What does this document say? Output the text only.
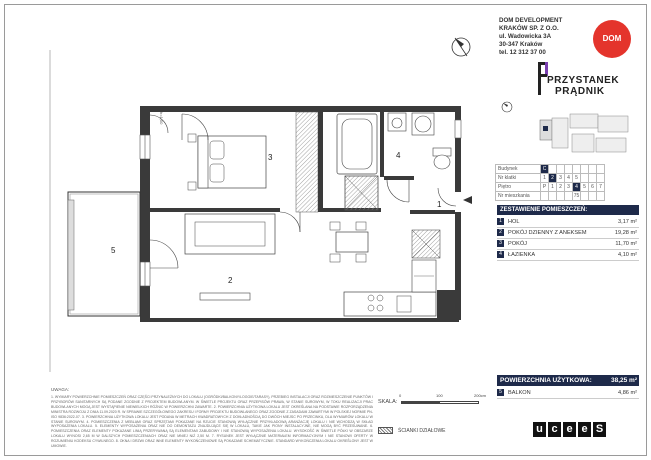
3	4
1
2
5
h=1,00
DOM DEVELOPMENT
KRAKÓW SP. Z O.O.
ul. Wadowicka 3A
30-347 Kraków
tel. 12 312 37 00
DOM
PRZYSTANEK
PRĄDNIK
Budynek	C							
Nr klatki	1	2	3	4	5			
Piętro	P	1	2	3	4	5	6	7
Nr mieszkania					75			
ZESTAWIENIE POMIESZCZEŃ:
1	HOL	3,17 m²
2	POKÓJ DZIENNY Z ANEKSEM	19,28 m²
3	POKÓJ	11,70 m²
4	ŁAZIENKA	4,10 m²
POWIERZCHNIA UŻYTKOWA:	38,25 m²
5	BALKON	4,86 m²
UWAGA:
1. WYMIARY POWIERZCHNIE POMIESZCZEŃ ORAZ CZĘŚCI PRZYNALEŻNYCH DO LOKALU (OGRÓDKI/BALKONY/LOGGIE/TARASY), PRZEBIEG INSTALACJI ORAZ ROZMIESZCZENIE PUNKTÓW I PRZYBORÓW SANITARNYCH SĄ PODANE ZGODNIE Z PROJEKTEM BUDOWLANYM. W ŚWIETLE PROJEKTU ORAZ PRZEPISÓW PRAWA, W STANIE SUROWYM, W TOKU REALIZACJI PRAC BUDOWLANYCH MOGĄ JEST WYSTĄPIENIE NIEWIELKICH RÓŻNIC W POWIERZCHNI ZAWARTE. 2. POWIERZCHNIA UŻYTKOWA LOKALU JEST OKREŚLANA NA PODSTAWIE ROZPORZĄDZENIA MINISTRA ROZWOJU Z DNIA 11.09.2020 R. W SPRAWIE SZCZEGÓŁOWEGO ZAKRESU I FORMY PROJEKTU BUDOWLANEGO ORAZ ZGODNIE Z ZASADAMI ZAWARTYMI W POLSKIEJ NORMIE PN-ISO 9836:2022-07. 3. POWIERZCHNIA UŻYTKOWA LOKALU JEST PODANA W METRACH KWADRATOWYCH Z DOKŁADNOŚCIĄ DO DWÓCH MIEJSC PO PRZECINKU, DLA WYMIARÓW LOKALU W STANIE SUROWYM. 4. POMIESZCZENIA Z MEBLAMI ORAZ SPRZĘTAMI POKAZANE NA RZUCIE STANOWIĄ WYŁĄCZNIE PRZYKŁADOWĄ ARANŻACJĘ LOKALU I NIE WCHODZĄ W SKŁAD WYPOSAŻENIA LOKALU. 5. ELEMENTY WYPOSAŻENIA ORAZ NIE DO DEMONTAŻU ZNAJDUJĄCE SIĘ W LOKALU, TAKIE JAK PIONY INSTALACYJNE, NIE MOGĄ BYĆ PRZESUWANE. 6. POMIESZCZENIA ORAZ ELEMENTY POKAZANE LINIĄ PRZERYWANĄ SĄ ELEMENTAMI ZABUDOWY I NIE STANOWIĄ WYPOSAŻENIA LOKALU. WYSOKOŚĆ W ŚWIETLE PÓŁKI W OBSZARZE LOKALU WYNOSI 2,65 M W DALSZYCH POMIESZCZENIACH ORAZ NIE MNIEJ NIŻ 2,50 M. 7. RYSUNEK JEST WYŁĄCZNIE MATERIAŁEM INFORMACYJNYM I NIE STANOWI OFERTY W ROZUMIENIU KODEKSU CYWILNEGO. 8. OKNA I DRZWI ORAZ INNE ELEMENTY WYKOŃCZENIOWE SĄ POKAZANE SCHEMATYCZNIE. STANDARD WYKOŃCZENIA LOKALU OKREŚLONY JEST W UMOWIE.
SKALA:
0	100	200cm
ŚCIANKI DZIAŁOWE	u c e e S
